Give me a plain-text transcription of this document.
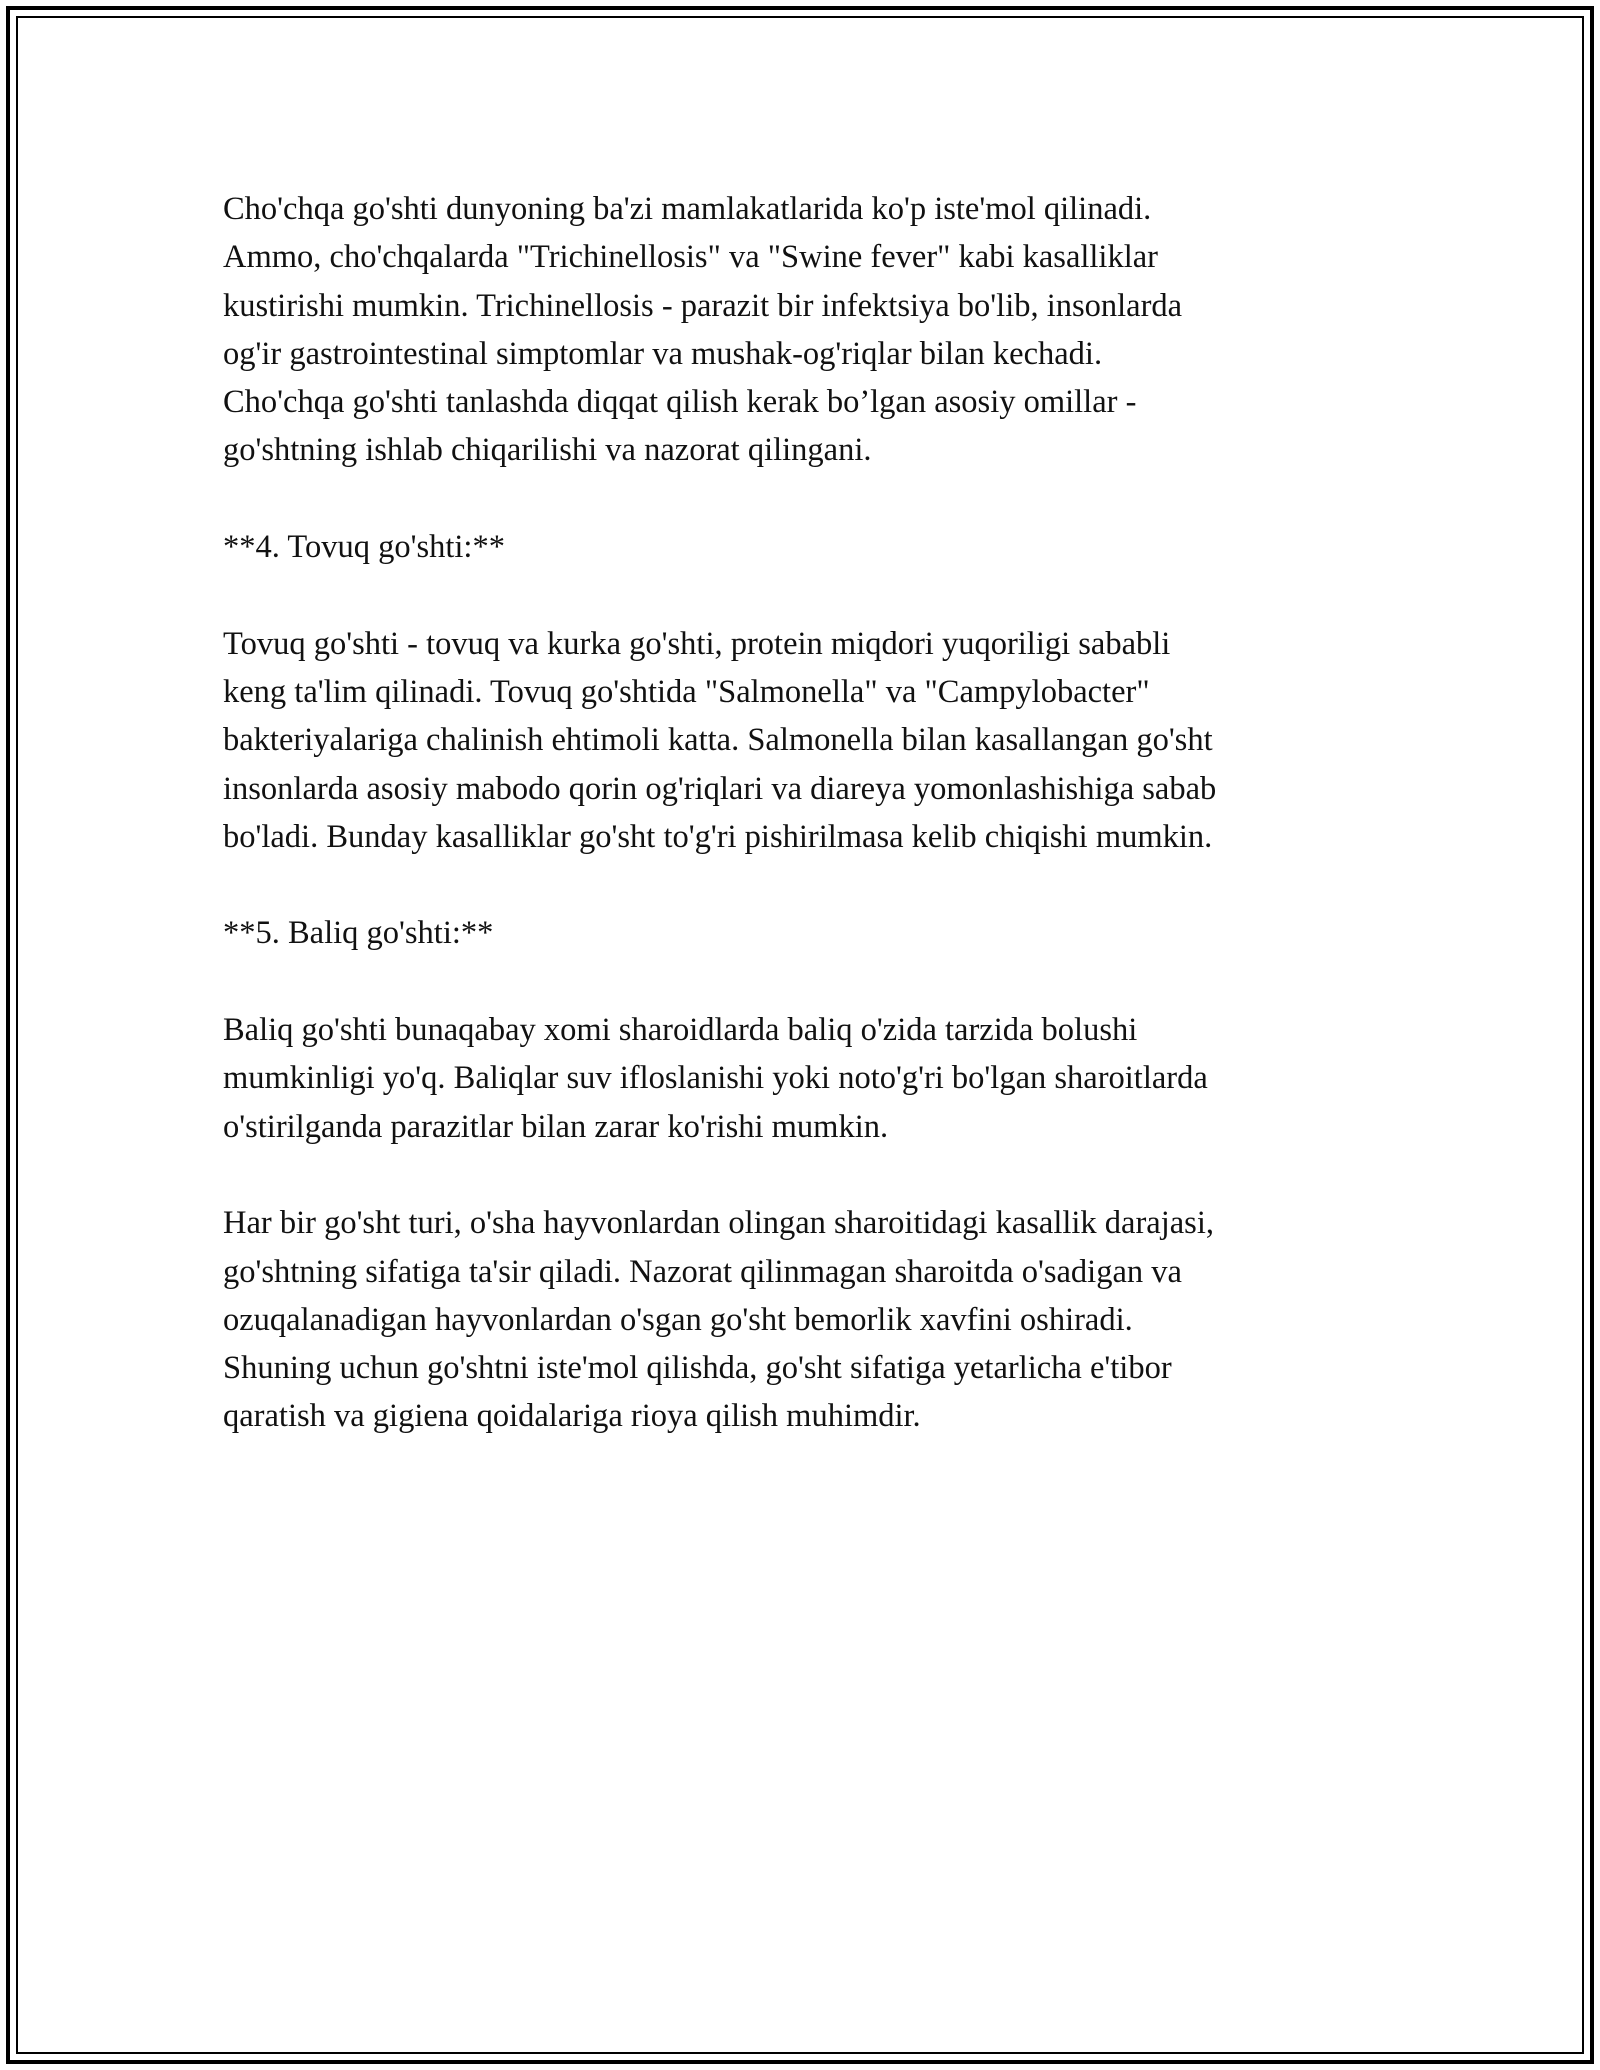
Cho'chqa go'shti dunyoning ba'zi mamlakatlarida ko'p iste'mol qilinadi.
Ammo, cho'chqalarda "Trichinellosis" va "Swine fever" kabi kasalliklar
kustirishi mumkin. Trichinellosis - parazit bir infektsiya bo'lib, insonlarda
og'ir gastrointestinal simptomlar va mushak-og'riqlar bilan kechadi.
Cho'chqa go'shti tanlashda diqqat qilish kerak bo’lgan asosiy omillar -
go'shtning ishlab chiqarilishi va nazorat qilingani.

**4. Tovuq go'shti:**

Tovuq go'shti - tovuq va kurka go'shti, protein miqdori yuqoriligi sababli
keng ta'lim qilinadi. Tovuq go'shtida "Salmonella" va "Campylobacter"
bakteriyalariga chalinish ehtimoli katta. Salmonella bilan kasallangan go'sht
insonlarda asosiy mabodo qorin og'riqlari va diareya yomonlashishiga sabab
bo'ladi. Bunday kasalliklar go'sht to'g'ri pishirilmasa kelib chiqishi mumkin.

**5. Baliq go'shti:**

Baliq go'shti bunaqabay xomi sharoidlarda baliq o'zida tarzida bolushi
mumkinligi yo'q. Baliqlar suv ifloslanishi yoki noto'g'ri bo'lgan sharoitlarda
o'stirilganda parazitlar bilan zarar ko'rishi mumkin.

Har bir go'sht turi, o'sha hayvonlardan olingan sharoitidagi kasallik darajasi,
go'shtning sifatiga ta'sir qiladi. Nazorat qilinmagan sharoitda o'sadigan va
ozuqalanadigan hayvonlardan o'sgan go'sht bemorlik xavfini oshiradi.
Shuning uchun go'shtni iste'mol qilishda, go'sht sifatiga yetarlicha e'tibor
qaratish va gigiena qoidalariga rioya qilish muhimdir.
